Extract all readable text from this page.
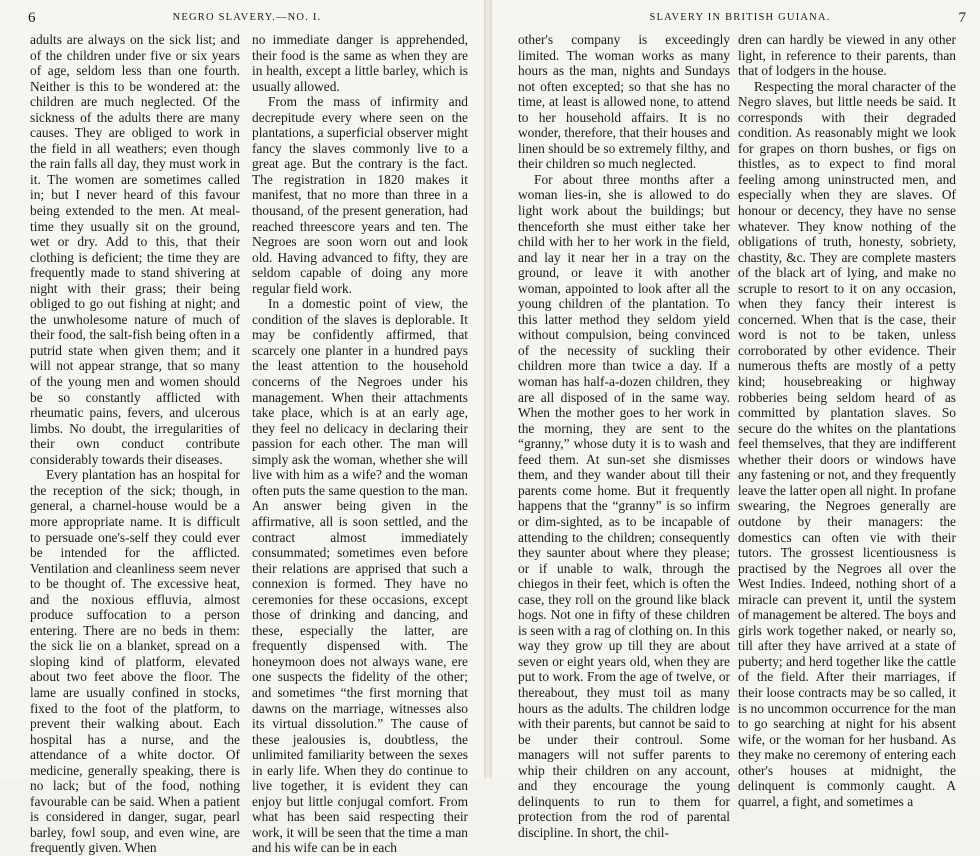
6	NEGRO SLAVERY.—NO. I.

adults are always on the sick list; and of the children under five or six years of age, seldom less than one fourth. Neither is this to be wondered at: the children are much neglected. Of the sickness of the adults there are many causes. They are obliged to work in the field in all weathers; even though the rain falls all day, they must work in it. The women are sometimes called in; but I never heard of this favour being extended to the men. At meal-time they usually sit on the ground, wet or dry. Add to this, that their clothing is deficient; the time they are frequently made to stand shivering at night with their grass; their being obliged to go out fishing at night; and the unwholesome nature of much of their food, the salt-fish being often in a putrid state when given them; and it will not appear strange, that so many of the young men and women should be so constantly afflicted with rheumatic pains, fevers, and ulcerous limbs. No doubt, the irregularities of their own conduct contribute considerably towards their diseases.

Every plantation has an hospital for the reception of the sick; though, in general, a charnel-house would be a more appropriate name. It is difficult to persuade one's-self they could ever be intended for the afflicted. Ventilation and cleanliness seem never to be thought of. The excessive heat, and the noxious effluvia, almost produce suffocation to a person entering. There are no beds in them: the sick lie on a blanket, spread on a sloping kind of platform, elevated about two feet above the floor. The lame are usually confined in stocks, fixed to the foot of the platform, to prevent their walking about. Each hospital has a nurse, and the attendance of a white doctor. Of medicine, generally speaking, there is no lack; but of the food, nothing favourable can be said. When a patient is considered in danger, sugar, pearl barley, fowl soup, and even wine, are frequently given. When

no immediate danger is apprehended, their food is the same as when they are in health, except a little barley, which is usually allowed.

From the mass of infirmity and decrepitude every where seen on the plantations, a superficial observer might fancy the slaves commonly live to a great age. But the contrary is the fact. The registration in 1820 makes it manifest, that no more than three in a thousand, of the present generation, had reached threescore years and ten. The Negroes are soon worn out and look old. Having advanced to fifty, they are seldom capable of doing any more regular field work.

In a domestic point of view, the condition of the slaves is deplorable. It may be confidently affirmed, that scarcely one planter in a hundred pays the least attention to the household concerns of the Negroes under his management. When their attachments take place, which is at an early age, they feel no delicacy in declaring their passion for each other. The man will simply ask the woman, whether she will live with him as a wife? and the woman often puts the same question to the man. An answer being given in the affirmative, all is soon settled, and the contract almost immediately consummated; sometimes even before their relations are apprised that such a connexion is formed. They have no ceremonies for these occasions, except those of drinking and dancing, and these, especially the latter, are frequently dispensed with. The honeymoon does not always wane, ere one suspects the fidelity of the other; and sometimes “the first morning that dawns on the marriage, witnesses also its virtual dissolution.” The cause of these jealousies is, doubtless, the unlimited familiarity between the sexes in early life. When they do continue to live together, it is evident they can enjoy but little conjugal comfort. From what has been said respecting their work, it will be seen that the time a man and his wife can be in each

SLAVERY IN BRITISH GUIANA.	7

other's company is exceedingly limited. The woman works as many hours as the man, nights and Sundays not often excepted; so that she has no time, at least is allowed none, to attend to her household affairs. It is no wonder, therefore, that their houses and linen should be so extremely filthy, and their children so much neglected.

For about three months after a woman lies-in, she is allowed to do light work about the buildings; but thenceforth she must either take her child with her to her work in the field, and lay it near her in a tray on the ground, or leave it with another woman, appointed to look after all the young children of the plantation. To this latter method they seldom yield without compulsion, being convinced of the necessity of suckling their children more than twice a day. If a woman has half-a-dozen children, they are all disposed of in the same way. When the mother goes to her work in the morning, they are sent to the “granny,” whose duty it is to wash and feed them. At sun-set she dismisses them, and they wander about till their parents come home. But it frequently happens that the “granny” is so infirm or dim-sighted, as to be incapable of attending to the children; consequently they saunter about where they please; or if unable to walk, through the chiegos in their feet, which is often the case, they roll on the ground like black hogs. Not one in fifty of these children is seen with a rag of clothing on. In this way they grow up till they are about seven or eight years old, when they are put to work. From the age of twelve, or thereabout, they must toil as many hours as the adults. The children lodge with their parents, but cannot be said to be under their controul. Some managers will not suffer parents to whip their children on any account, and they encourage the young delinquents to run to them for protection from the rod of parental discipline. In short, the chil-

dren can hardly be viewed in any other light, in reference to their parents, than that of lodgers in the house.

Respecting the moral character of the Negro slaves, but little needs be said. It corresponds with their degraded condition. As reasonably might we look for grapes on thorn bushes, or figs on thistles, as to expect to find moral feeling among uninstructed men, and especially when they are slaves. Of honour or decency, they have no sense whatever. They know nothing of the obligations of truth, honesty, sobriety, chastity, &c. They are complete masters of the black art of lying, and make no scruple to resort to it on any occasion, when they fancy their interest is concerned. When that is the case, their word is not to be taken, unless corroborated by other evidence. Their numerous thefts are mostly of a petty kind; housebreaking or highway robberies being seldom heard of as committed by plantation slaves. So secure do the whites on the plantations feel themselves, that they are indifferent whether their doors or windows have any fastening or not, and they frequently leave the latter open all night. In profane swearing, the Negroes generally are outdone by their managers: the domestics can often vie with their tutors. The grossest licentiousness is practised by the Negroes all over the West Indies. Indeed, nothing short of a miracle can prevent it, until the system of management be altered. The boys and girls work together naked, or nearly so, till after they have arrived at a state of puberty; and herd together like the cattle of the field. After their marriages, if their loose contracts may be so called, it is no uncommon occurrence for the man to go searching at night for his absent wife, or the woman for her husband. As they make no ceremony of entering each other's houses at midnight, the delinquent is commonly caught. A quarrel, a fight, and sometimes a
